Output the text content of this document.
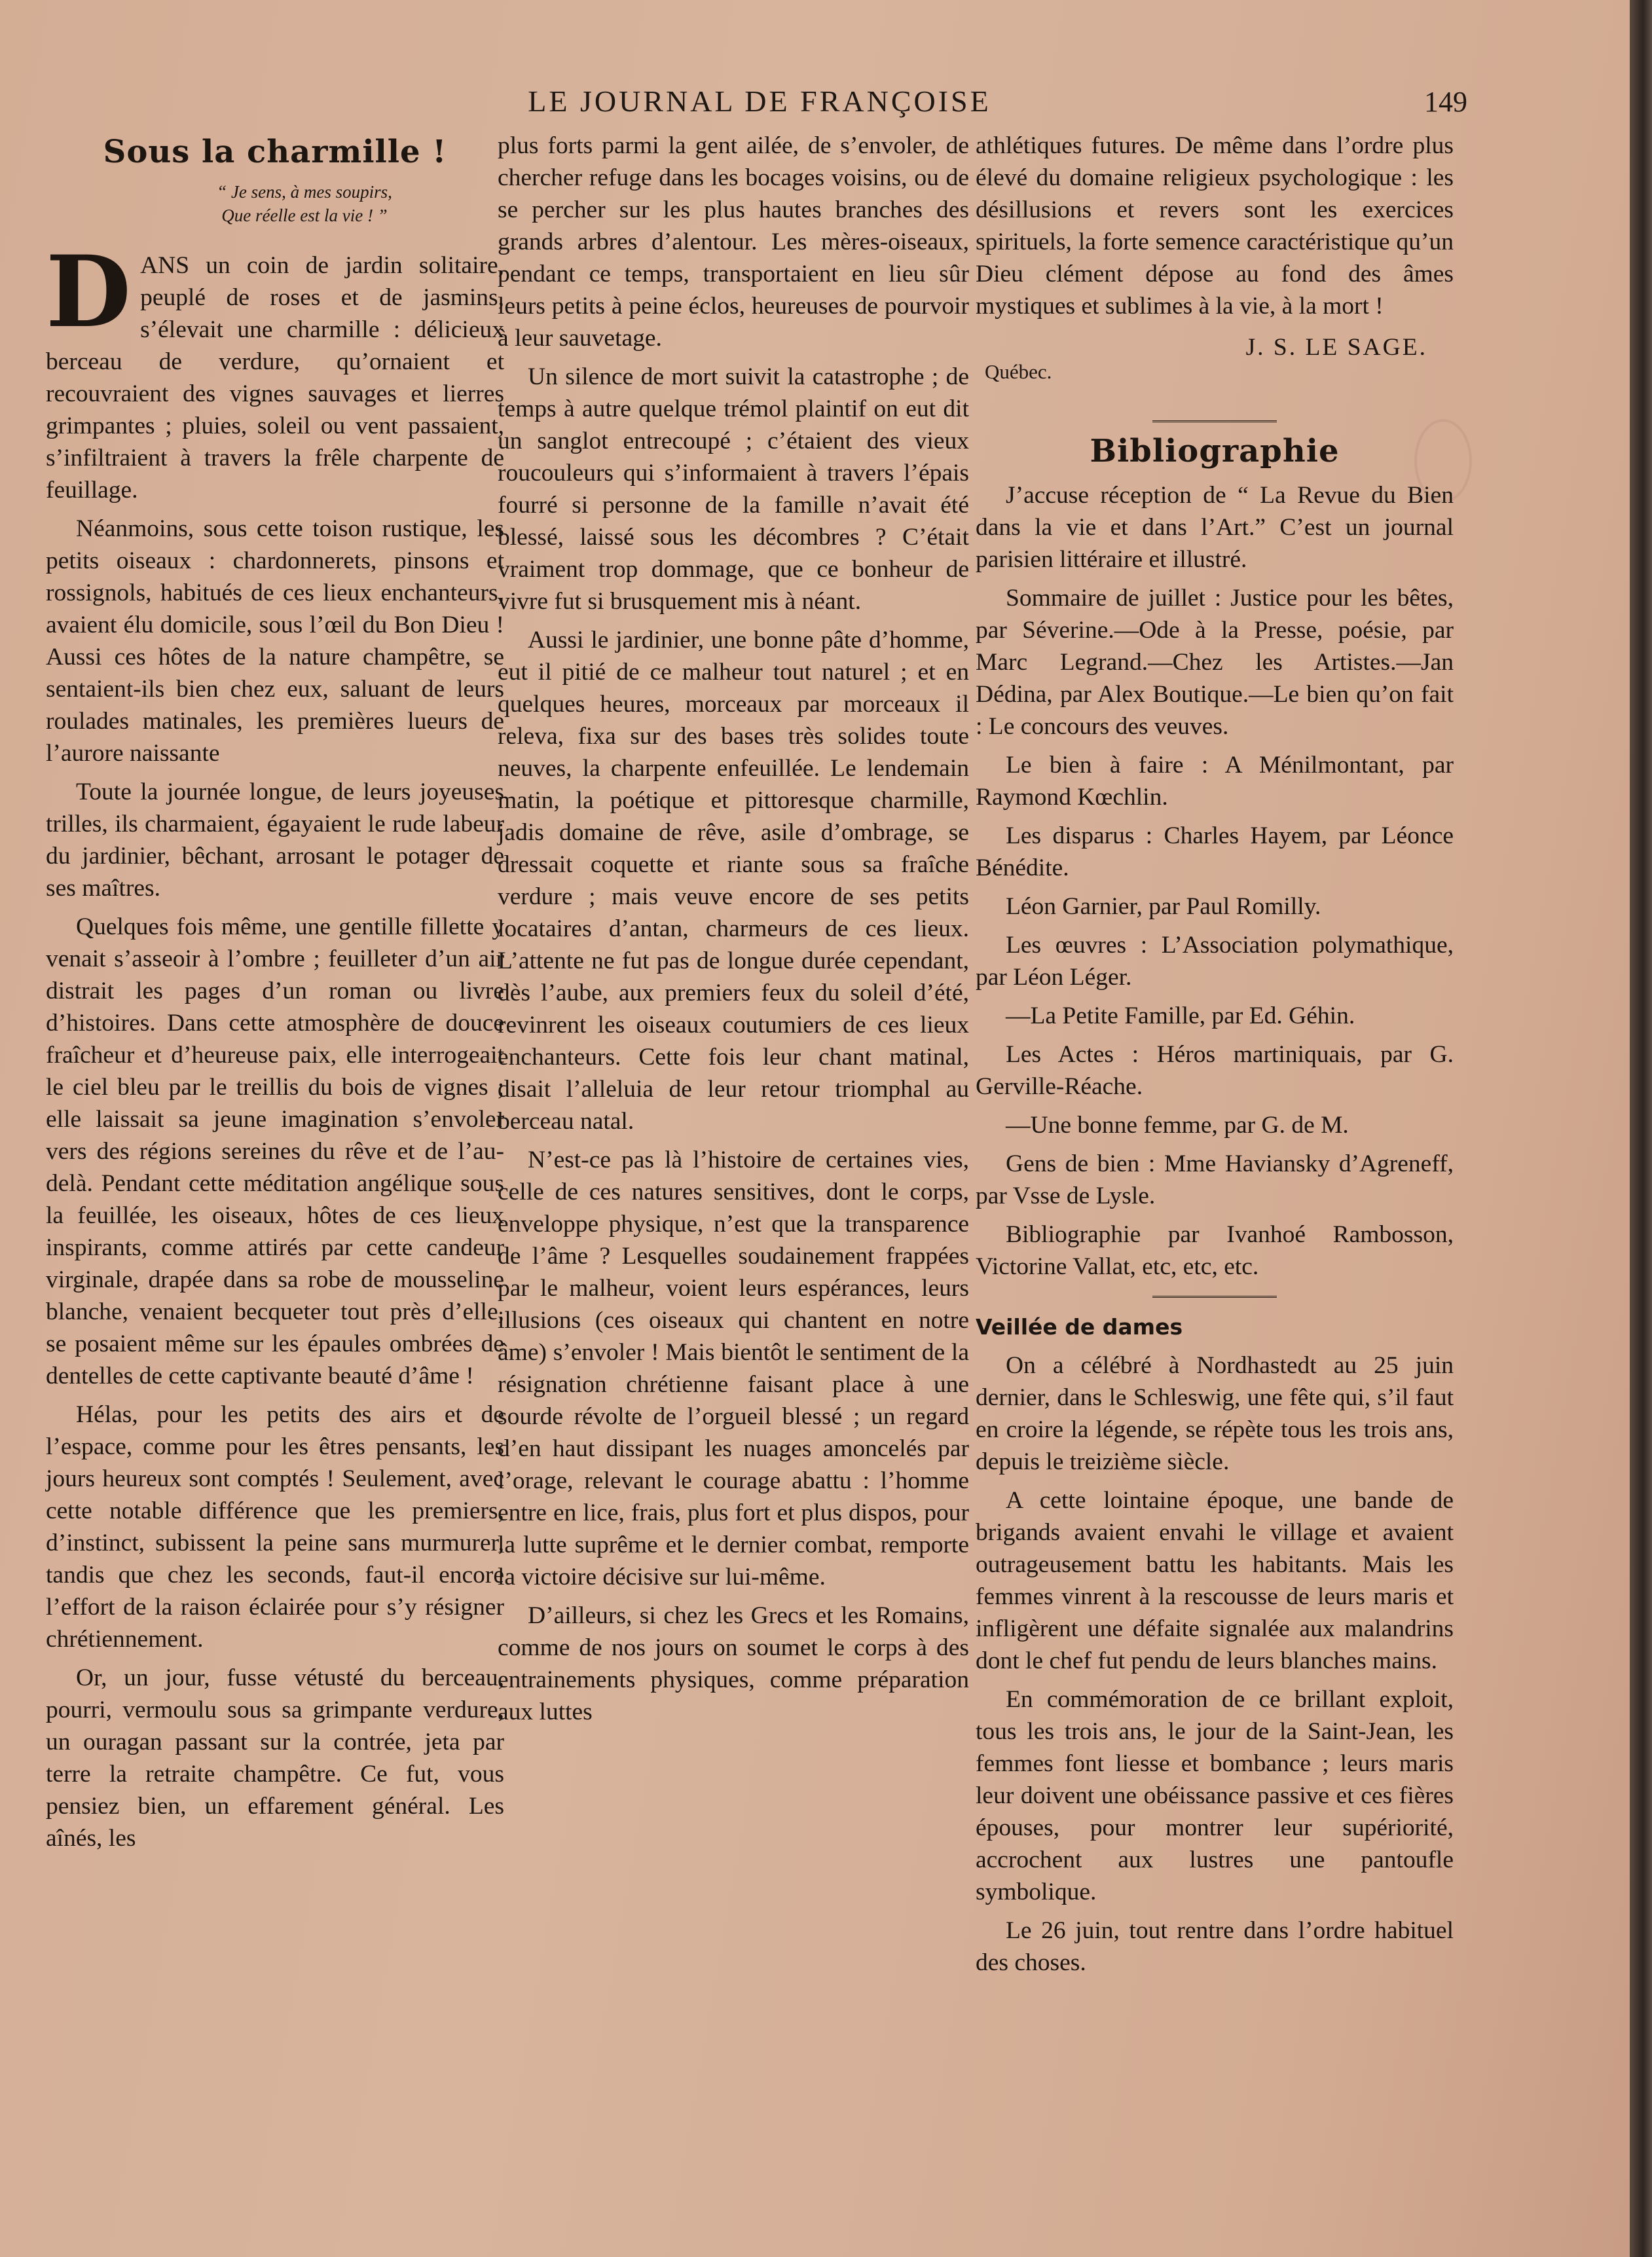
LE JOURNAL DE FRANÇOISE	149
Sous la charmille !
“ Je sens, à mes soupirs,
Que réelle est la vie ! ”

DANS un coin de jardin solitaire, peuplé de roses et de jasmins, s’élevait une charmille : délicieux berceau de verdure, qu’ornaient et recouvraient des vignes sauvages et lierres grimpantes ; pluies, soleil ou vent passaient, s’infiltraient à travers la frêle charpente de feuillage.

Néanmoins, sous cette toison rustique, les petits oiseaux : chardonnerets, pinsons et rossignols, habitués de ces lieux enchanteurs, avaient élu domicile, sous l’œil du Bon Dieu ! Aussi ces hôtes de la nature champêtre, se sentaient-ils bien chez eux, saluant de leurs roulades matinales, les premières lueurs de l’aurore naissante

Toute la journée longue, de leurs joyeuses trilles, ils charmaient, égayaient le rude labeur du jardinier, bêchant, arrosant le potager de ses maîtres.

Quelques fois même, une gentille fillette y venait s’asseoir à l’ombre ; feuilleter d’un air distrait les pages d’un roman ou livre d’histoires. Dans cette atmosphère de douce fraîcheur et d’heureuse paix, elle interrogeait le ciel bleu par le treillis du bois de vignes ; elle laissait sa jeune imagination s’envoler vers des régions sereines du rêve et de l’au-delà. Pendant cette méditation angélique sous la feuillée, les oiseaux, hôtes de ces lieux inspirants, comme attirés par cette candeur virginale, drapée dans sa robe de mousseline blanche, venaient becqueter tout près d’elle, se posaient même sur les épaules ombrées de dentelles de cette captivante beauté d’âme !

Hélas, pour les petits des airs et de l’espace, comme pour les êtres pensants, les jours heureux sont comptés ! Seulement, avec cette notable différence que les premiers, d’instinct, subissent la peine sans murmurer, tandis que chez les seconds, faut-il encore l’effort de la raison éclairée pour s’y résigner chrétiennement.

Or, un jour, fusse vétusté du berceau, pourri, vermoulu sous sa grimpante verdure, un ouragan passant sur la contrée, jeta par terre la retraite champêtre. Ce fut, vous pensiez bien, un effarement général. Les aînés, les

plus forts parmi la gent ailée, de s’envoler, de chercher refuge dans les bocages voisins, ou de se percher sur les plus hautes branches des grands arbres d’alentour. Les mères-oiseaux, pendant ce temps, transportaient en lieu sûr leurs petits à peine éclos, heureuses de pourvoir à leur sauvetage.

Un silence de mort suivit la catastrophe ; de temps à autre quelque trémol plaintif on eut dit un sanglot entrecoupé ; c’étaient des vieux roucouleurs qui s’informaient à travers l’épais fourré si personne de la famille n’avait été blessé, laissé sous les décombres ? C’était vraiment trop dommage, que ce bonheur de vivre fut si brusquement mis à néant.

Aussi le jardinier, une bonne pâte d’homme, eut il pitié de ce malheur tout naturel ; et en quelques heures, morceaux par morceaux il releva, fixa sur des bases très solides toute neuves, la charpente enfeuillée. Le lendemain matin, la poétique et pittoresque charmille, jadis domaine de rêve, asile d’ombrage, se dressait coquette et riante sous sa fraîche verdure ; mais veuve encore de ses petits locataires d’antan, charmeurs de ces lieux. L’attente ne fut pas de longue durée cependant, dès l’aube, aux premiers feux du soleil d’été, revinrent les oiseaux coutumiers de ces lieux enchanteurs. Cette fois leur chant matinal, disait l’alleluia de leur retour triomphal au berceau natal.

N’est-ce pas là l’histoire de certaines vies, celle de ces natures sensitives, dont le corps, enveloppe physique, n’est que la transparence de l’âme ? Lesquelles soudainement frappées par le malheur, voient leurs espérances, leurs illusions (ces oiseaux qui chantent en notre âme) s’envoler ! Mais bientôt le sentiment de la résignation chrétienne faisant place à une sourde révolte de l’orgueil blessé ; un regard d’en haut dissipant les nuages amoncelés par l’orage, relevant le courage abattu : l’homme entre en lice, frais, plus fort et plus dispos, pour la lutte suprême et le dernier combat, remporte la victoire décisive sur lui-même.

D’ailleurs, si chez les Grecs et les Romains, comme de nos jours on soumet le corps à des entrainements physiques, comme préparation aux luttes

athlétiques futures. De même dans l’ordre plus élevé du domaine religieux psychologique : les désillusions et revers sont les exercices spirituels, la forte semence caractéristique qu’un Dieu clément dépose au fond des âmes mystiques et sublimes à la vie, à la mort !

J. S. LE SAGE.
Québec.
Bibliographie

J’accuse réception de “ La Revue du Bien dans la vie et dans l’Art.” C’est un journal parisien littéraire et illustré.

Sommaire de juillet : Justice pour les bêtes, par Séverine.—Ode à la Presse, poésie, par Marc Legrand.—Chez les Artistes.—Jan Dédina, par Alex Boutique.—Le bien qu’on fait : Le concours des veuves.

Le bien à faire : A Ménilmontant, par Raymond Kœchlin.

Les disparus : Charles Hayem, par Léonce Bénédite.

Léon Garnier, par Paul Romilly.

Les œuvres : L’Association polymathique, par Léon Léger.

—La Petite Famille, par Ed. Géhin.

Les Actes : Héros martiniquais, par G. Gerville-Réache.

—Une bonne femme, par G. de M.

Gens de bien : Mme Haviansky d’Agreneff, par Vsse de Lysle.

Bibliographie par Ivanhoé Rambosson, Victorine Vallat, etc, etc, etc.

Veillée de dames

On a célébré à Nordhastedt au 25 juin dernier, dans le Schleswig, une fête qui, s’il faut en croire la légende, se répète tous les trois ans, depuis le treizième siècle.

A cette lointaine époque, une bande de brigands avaient envahi le village et avaient outrageusement battu les habitants. Mais les femmes vinrent à la rescousse de leurs maris et infligèrent une défaite signalée aux malandrins dont le chef fut pendu de leurs blanches mains.

En commémoration de ce brillant exploit, tous les trois ans, le jour de la Saint-Jean, les femmes font liesse et bombance ; leurs maris leur doivent une obéissance passive et ces fières épouses, pour montrer leur supériorité, accrochent aux lustres une pantoufle symbolique.

Le 26 juin, tout rentre dans l’ordre habituel des choses.
